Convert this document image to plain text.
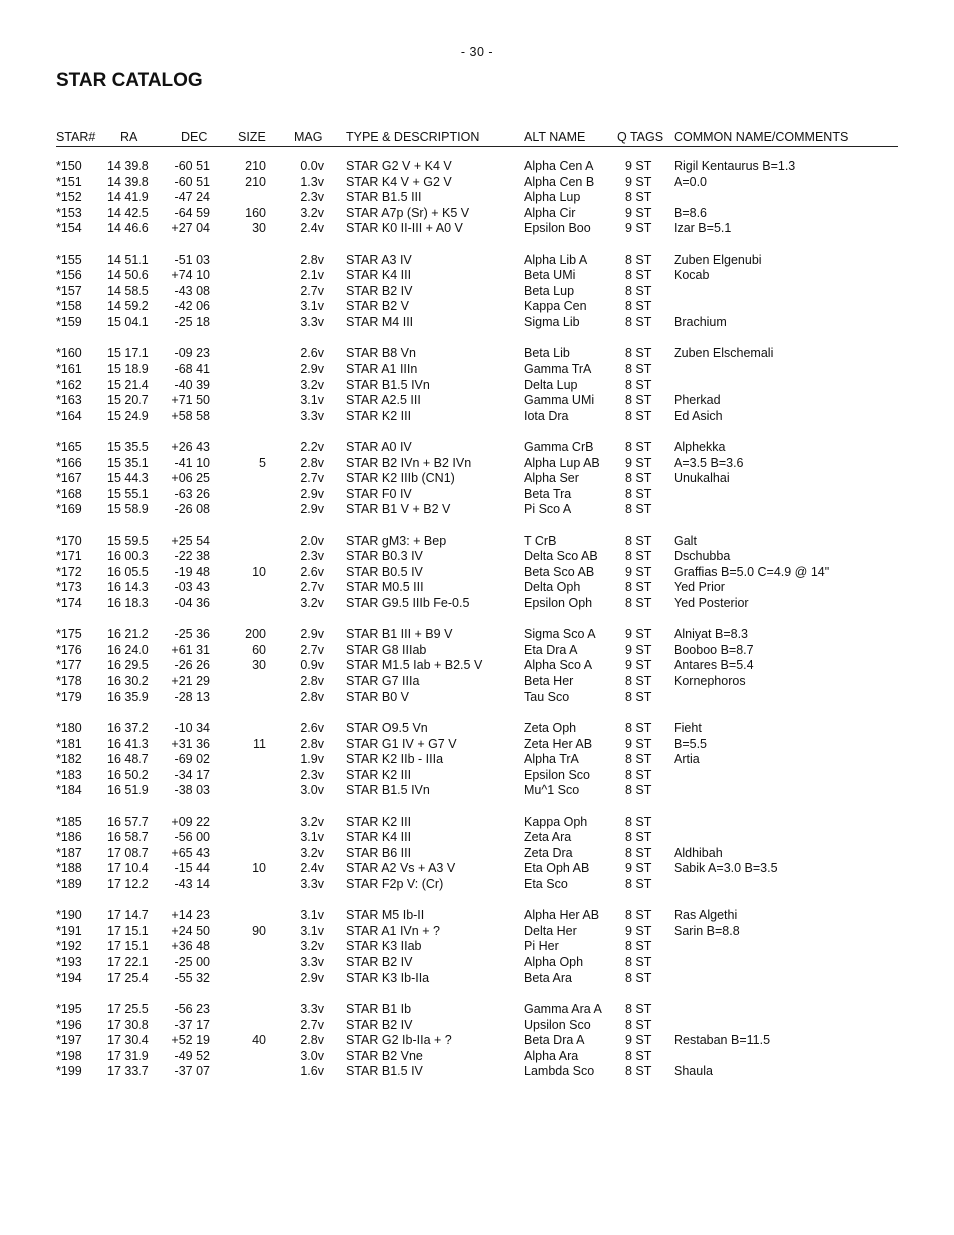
- 30 -
STAR CATALOG
STAR# RA	DEC SIZE MAG TYPE & DESCRIPTION	ALT NAME	Q TAGS COMMON NAME/COMMENTS
*150 14 39.8 -60 51	210	0.0v STAR G2 V + K4 V	Alpha Cen A	9 ST Rigil Kentaurus B=1.3
*151 14 39.8 -60 51	210	1.3v STAR K4 V + G2 V	Alpha Cen B 9 ST A=0.0
*152 14 41.9 -47 24	2.3v STAR B1.5 III	Alpha Lup	8 ST
*153 14 42.5 -64 59	160	3.2v STAR A7p (Sr) + K5 V	Alpha Cir	9 ST B=8.6
*154 14 46.6 +27 04	30	2.4v STAR K0 II-III + A0 V	Epsilon Boo	9 ST Izar B=5.1
*155 14 51.1 -51 03	2.8v STAR A3 IV	Alpha Lib A	8 ST Zuben Elgenubi
*156 14 50.6 +74 10	2.1v STAR K4 III	Beta UMi	8 ST Kocab
*157 14 58.5 -43 08	2.7v STAR B2 IV	Beta Lup	8 ST
*158 14 59.2 -42 06	3.1v STAR B2 V	Kappa Cen	8 ST
*159 15 04.1 -25 18	3.3v STAR M4 III	Sigma Lib	8 ST Brachium
*160 15 17.1 -09 23	2.6v STAR B8 Vn	Beta Lib	8 ST Zuben Elschemali
*161 15 18.9 -68 41	2.9v STAR A1 IIIn	Gamma TrA	8 ST
*162 15 21.4 -40 39	3.2v STAR B1.5 IVn	Delta Lup	8 ST
*163 15 20.7 +71 50	3.1v STAR A2.5 III	Gamma UMi 8 ST Pherkad
*164 15 24.9 +58 58	3.3v STAR K2 III	Iota Dra	8 ST Ed Asich
*165 15 35.5 +26 43	2.2v STAR A0 IV	Gamma CrB	8 ST Alphekka
*166 15 35.1 -41 10	5	2.8v STAR B2 IVn + B2 IVn	Alpha Lup AB 9 ST A=3.5 B=3.6
*167 15 44.3 +06 25	2.7v STAR K2 IIIb (CN1)	Alpha Ser	8 ST Unukalhai
*168 15 55.1 -63 26	2.9v STAR F0 IV	Beta Tra	8 ST
*169 15 58.9 -26 08	2.9v STAR B1 V + B2 V	Pi Sco A	8 ST
*170 15 59.5 +25 54	2.0v STAR gM3: + Bep	T CrB	8 ST Galt
*171 16 00.3 -22 38	2.3v STAR B0.3 IV	Delta Sco AB 8 ST Dschubba
*172 16 05.5 -19 48	10	2.6v STAR B0.5 IV	Beta Sco AB 9 ST Graffias B=5.0 C=4.9 @ 14"
*173 16 14.3 -03 43	2.7v STAR M0.5 III	Delta Oph	8 ST Yed Prior
*174 16 18.3 -04 36	3.2v STAR G9.5 IIIb Fe-0.5	Epsilon Oph	8 ST Yed Posterior
*175 16 21.2 -25 36	200	2.9v STAR B1 III + B9 V	Sigma Sco A 9 ST Alniyat B=8.3
*176 16 24.0 +61 31	60	2.7v STAR G8 IIIab	Eta Dra A	9 ST Booboo B=8.7
*177 16 29.5 -26 26	30	0.9v STAR M1.5 Iab + B2.5 V	Alpha Sco A	9 ST Antares B=5.4
*178 16 30.2 +21 29	2.8v STAR G7 IIIa	Beta Her	8 ST Kornephoros
*179 16 35.9 -28 13	2.8v STAR B0 V	Tau Sco	8 ST
*180 16 37.2 -10 34	2.6v STAR O9.5 Vn	Zeta Oph	8 ST Fieht
*181 16 41.3 +31 36	11	2.8v STAR G1 IV + G7 V	Zeta Her AB	9 ST B=5.5
*182 16 48.7 -69 02	1.9v STAR K2 IIb - IIIa	Alpha TrA	8 ST Artia
*183 16 50.2 -34 17	2.3v STAR K2 III	Epsilon Sco	8 ST
*184 16 51.9 -38 03	3.0v STAR B1.5 IVn	Mu^1 Sco	8 ST
*185 16 57.7 +09 22	3.2v STAR K2 III	Kappa Oph	8 ST
*186 16 58.7 -56 00	3.1v STAR K4 III	Zeta Ara	8 ST
*187 17 08.7 +65 43	3.2v STAR B6 III	Zeta Dra	8 ST Aldhibah
*188 17 10.4 -15 44	10	2.4v STAR A2 Vs + A3 V	Eta Oph AB	9 ST Sabik A=3.0 B=3.5
*189 17 12.2 -43 14	3.3v STAR F2p V: (Cr)	Eta Sco	8 ST
*190 17 14.7 +14 23	3.1v STAR M5 Ib-II	Alpha Her AB 8 ST Ras Algethi
*191 17 15.1 +24 50	90	3.1v STAR A1 IVn + ?	Delta Her	9 ST Sarin B=8.8
*192 17 15.1 +36 48	3.2v STAR K3 IIab	Pi Her	8 ST
*193 17 22.1 -25 00	3.3v STAR B2 IV	Alpha Oph	8 ST
*194 17 25.4 -55 32	2.9v STAR K3 Ib-IIa	Beta Ara	8 ST
*195 17 25.5 -56 23	3.3v STAR B1 Ib	Gamma Ara A 8 ST
*196 17 30.8 -37 17	2.7v STAR B2 IV	Upsilon Sco	8 ST
*197 17 30.4 +52 19	40	2.8v STAR G2 Ib-IIa + ?	Beta Dra A	9 ST Restaban B=11.5
*198 17 31.9 -49 52	3.0v STAR B2 Vne	Alpha Ara	8 ST
*199 17 33.7 -37 07	1.6v STAR B1.5 IV	Lambda Sco 8 ST Shaula
